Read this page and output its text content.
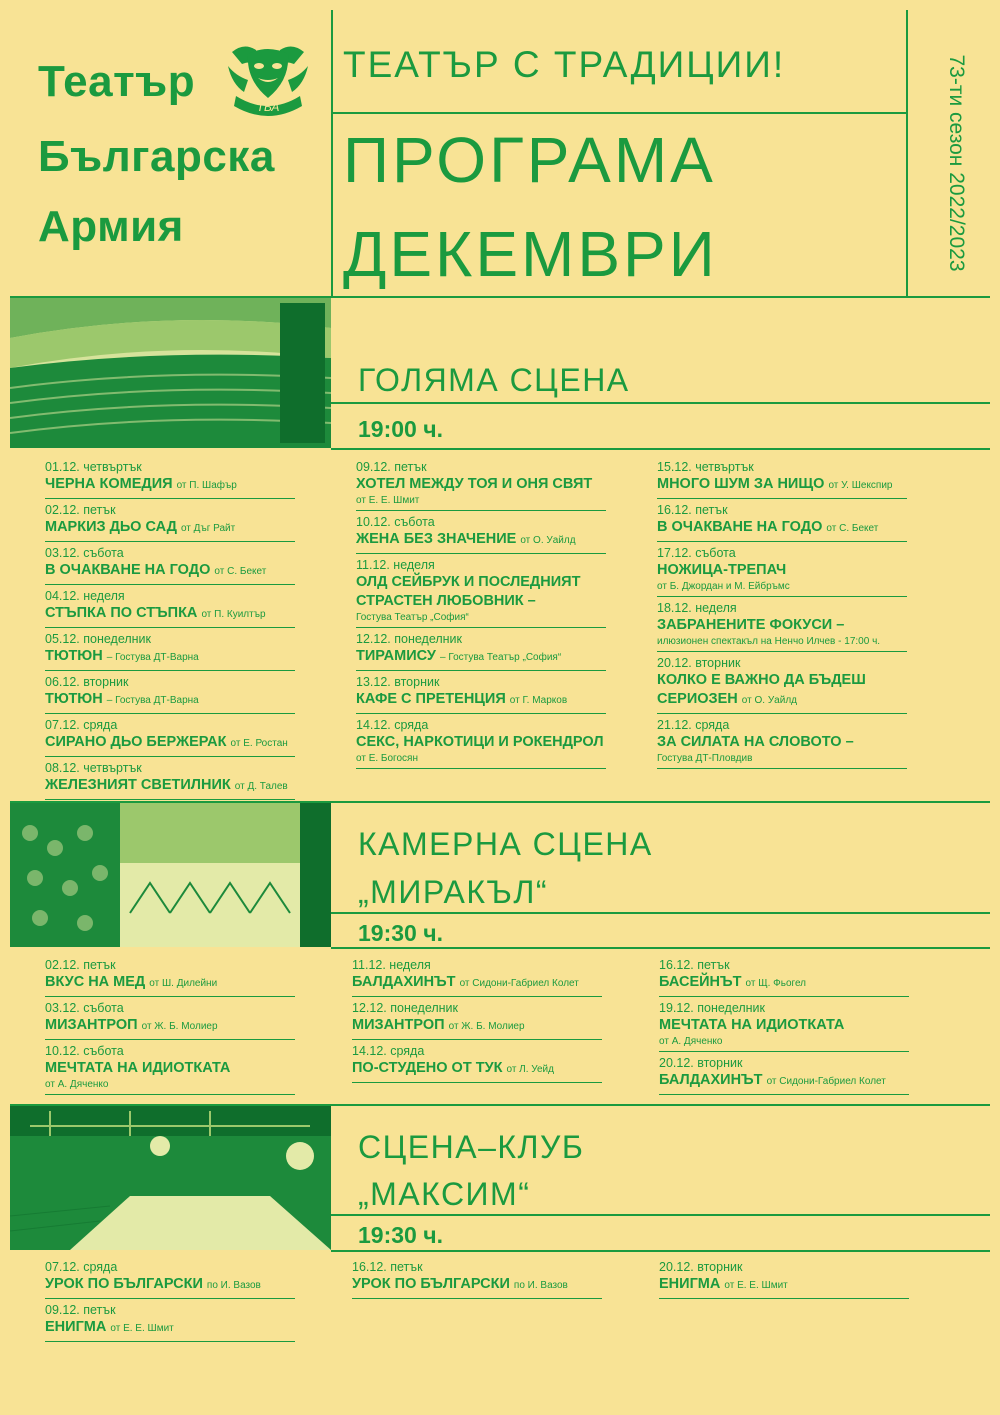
Театър
Българска
Армия
ТБА
ТЕАТЪР С ТРАДИЦИИ!
ПРОГРАМА
ДЕКЕМВРИ	73-ти сезон 2022/2023
ГОЛЯМА СЦЕНА
19:00 ч.
01.12. четвъртък
ЧЕРНА КОМЕДИЯ от П. Шафър
02.12. петък
МАРКИЗ ДЬО САД от Дъг Райт
03.12. събота
В ОЧАКВАНЕ НА ГОДО от С. Бекет
04.12. неделя
СТЪПКА ПО СТЪПКА от П. Куилтър
05.12. понеделник
ТЮТЮН – Гостува ДТ-Варна
06.12. вторник
ТЮТЮН – Гостува ДТ-Варна
07.12. сряда
СИРАНО ДЬО БЕРЖЕРАК от Е. Ростан
08.12. четвъртък
ЖЕЛЕЗНИЯТ СВЕТИЛНИК от Д. Талев
09.12. петък
ХОТЕЛ МЕЖДУ ТОЯ И ОНЯ СВЯТ
от Е. Е. Шмит
10.12. събота
ЖЕНА БЕЗ ЗНАЧЕНИЕ от О. Уайлд
11.12. неделя
ОЛД СЕЙБРУК И ПОСЛЕДНИЯТ
СТРАСТЕН ЛЮБОВНИК –
Гостува Театър „София“
12.12. понеделник
ТИРАМИСУ – Гостува Театър „София“
13.12. вторник
КАФЕ С ПРЕТЕНЦИЯ от Г. Марков
14.12. сряда
СЕКС, НАРКОТИЦИ И РОКЕНДРОЛ
от Е. Богосян
15.12. четвъртък
МНОГО ШУМ ЗА НИЩО от У. Шекспир
16.12. петък
В ОЧАКВАНЕ НА ГОДО от С. Бекет
17.12. събота
НОЖИЦА-ТРЕПАЧ
от Б. Джордан и М. Ейбръмс
18.12. неделя
ЗАБРАНЕНИТЕ ФОКУСИ –
илюзионен спектакъл на Ненчо Илчев - 17:00 ч.
20.12. вторник
КОЛКО Е ВАЖНО ДА БЪДЕШ
СЕРИОЗЕН от О. Уайлд
21.12. сряда
ЗА СИЛАТА НА СЛОВОТО –
Гостува ДТ-Пловдив
КАМЕРНА СЦЕНА
„МИРАКЪЛ“
19:30 ч.
02.12. петък
ВКУС НА МЕД от Ш. Дилейни
03.12. събота
МИЗАНТРОП от Ж. Б. Молиер
10.12. събота
МЕЧТАТА НА ИДИОТКАТА
от А. Дяченко
11.12. неделя
БАЛДАХИНЪТ от Сидони-Габриел Колет
12.12. понеделник
МИЗАНТРОП от Ж. Б. Молиер
14.12. сряда
ПО-СТУДЕНО ОТ ТУК от Л. Уейд
16.12. петък
БАСЕЙНЪТ от Щ. Фьогел
19.12. понеделник
МЕЧТАТА НА ИДИОТКАТА
от А. Дяченко
20.12. вторник
БАЛДАХИНЪТ от Сидони-Габриел Колет
СЦЕНА–КЛУБ
„МАКСИМ“
19:30 ч.
07.12. сряда
УРОК ПО БЪЛГАРСКИ по И. Вазов
09.12. петък
ЕНИГМА от Е. Е. Шмит
16.12. петък
УРОК ПО БЪЛГАРСКИ по И. Вазов
20.12. вторник
ЕНИГМА от Е. Е. Шмит
